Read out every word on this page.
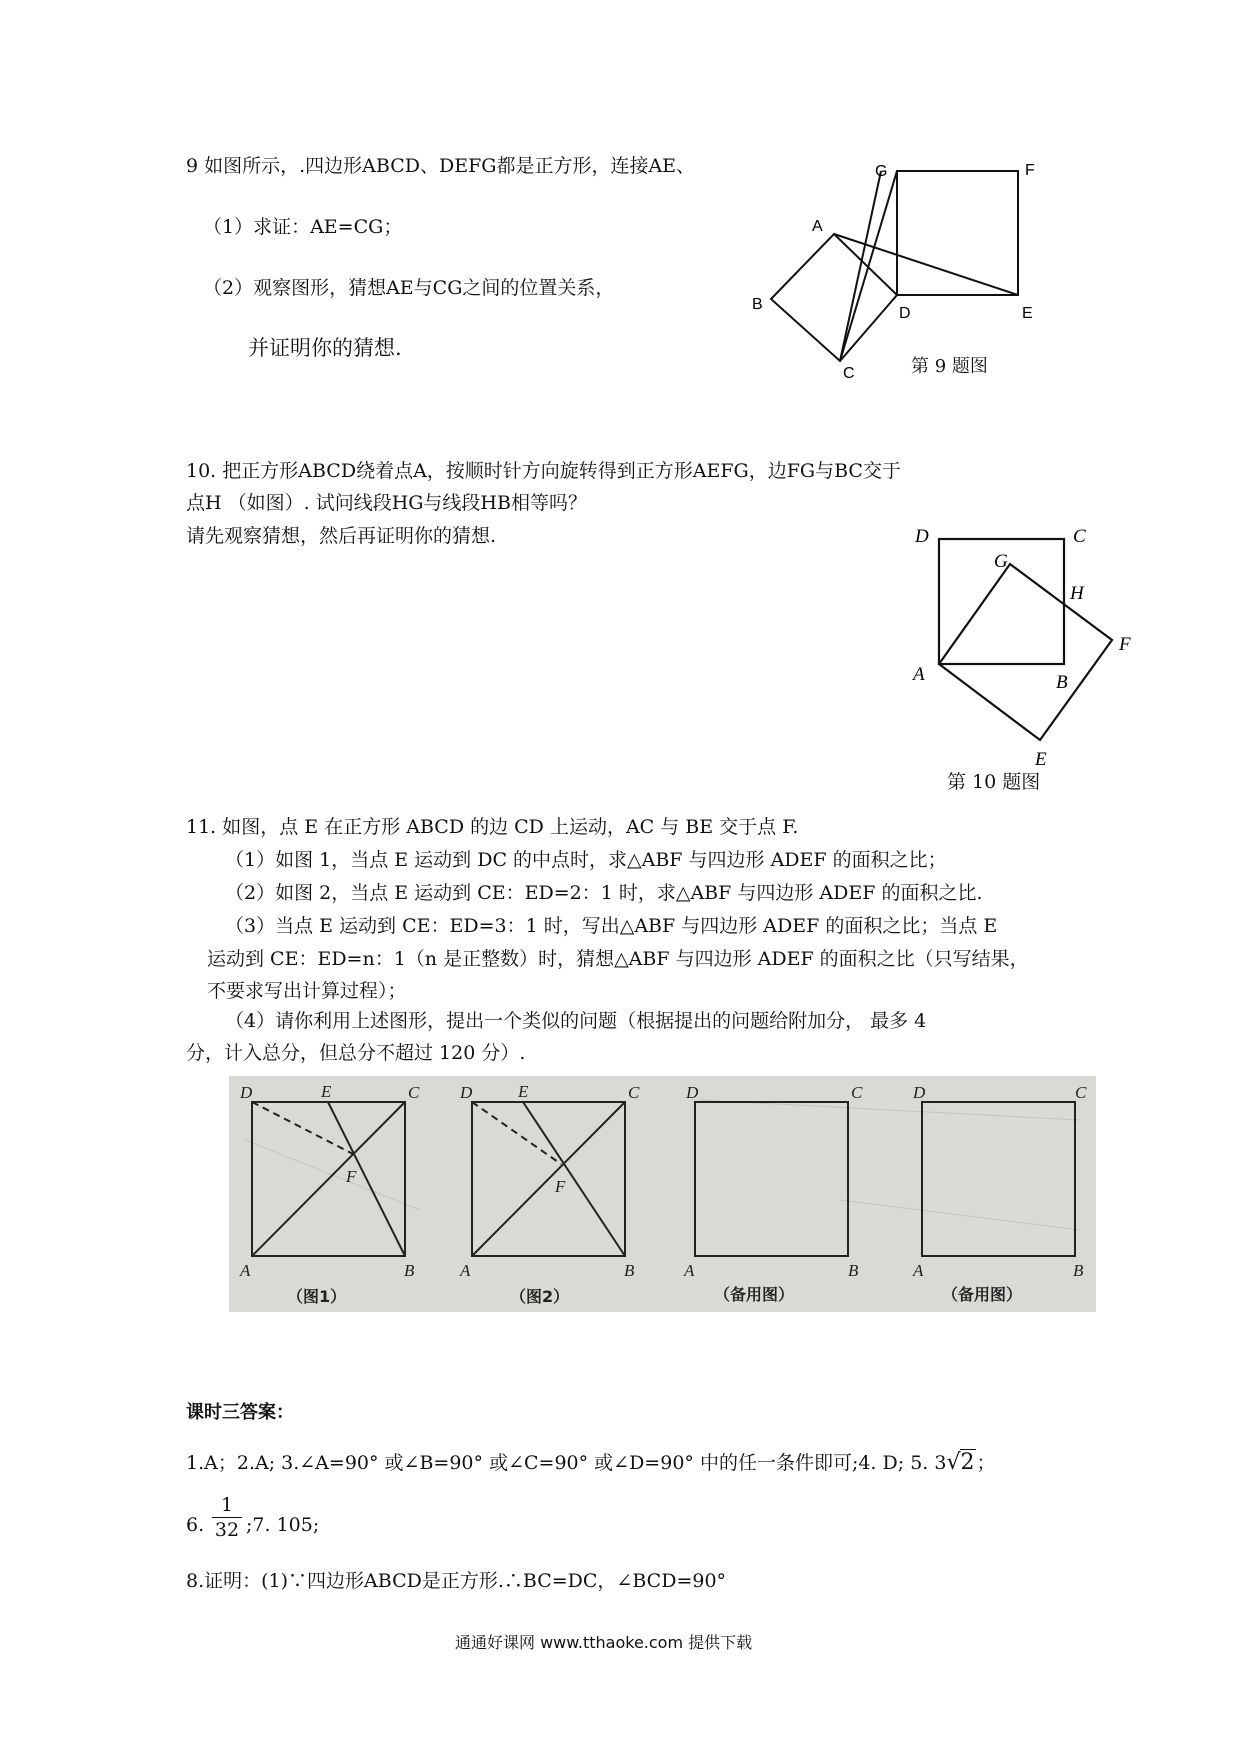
9 如图所示，.四边形ABCD、DEFG都是正方形，连接AE、
（1）求证：AE=CG；
（2）观察图形，猜想AE与CG之间的位置关系，
并证明你的猜想.
G	F
A
B
D	E
C	第 9 题图
10. 把正方形ABCD绕着点A，按顺时针方向旋转得到正方形AEFG，边FG与BC交于
点H （如图）. 试问线段HG与线段HB相等吗？
请先观察猜想，然后再证明你的猜想.	D	C
G
H
F
A	B
E
第 10 题图
11. 如图，点 E 在正方形 ABCD 的边 CD 上运动，AC 与 BE 交于点 F.
（1）如图 1，当点 E 运动到 DC 的中点时，求△ABF 与四边形 ADEF 的面积之比；
（2）如图 2，当点 E 运动到 CE：ED=2：1 时，求△ABF 与四边形 ADEF 的面积之比.
（3）当点 E 运动到 CE：ED=3：1 时，写出△ABF 与四边形 ADEF 的面积之比；当点 E
运动到 CE：ED=n：1（n 是正整数）时，猜想△ABF 与四边形 ADEF 的面积之比（只写结果，
不要求写出计算过程）；
（4）请你利用上述图形，提出一个类似的问题（根据提出的问题给附加分， 最多 4
分，计入总分，但总分不超过 120 分）.
D	E	C
F
A	B
D	E	C
F
A	B
D	C
A	B
D	C
A	B
（图1）	（图2）	（备用图）	（备用图）
课时三答案：
1.A；2.A; 3.∠A=90° 或∠B=90° 或∠C=90° 或∠D=90° 中的任一条件即可;4. D; 5. 3√2 ；
6. $\frac{1}{32}$ ;7. 105;
8.证明：(1)∵四边形ABCD是正方形.∴BC=DC，∠BCD=90°
通通好课网 www.tthaoke.com 提供下载
